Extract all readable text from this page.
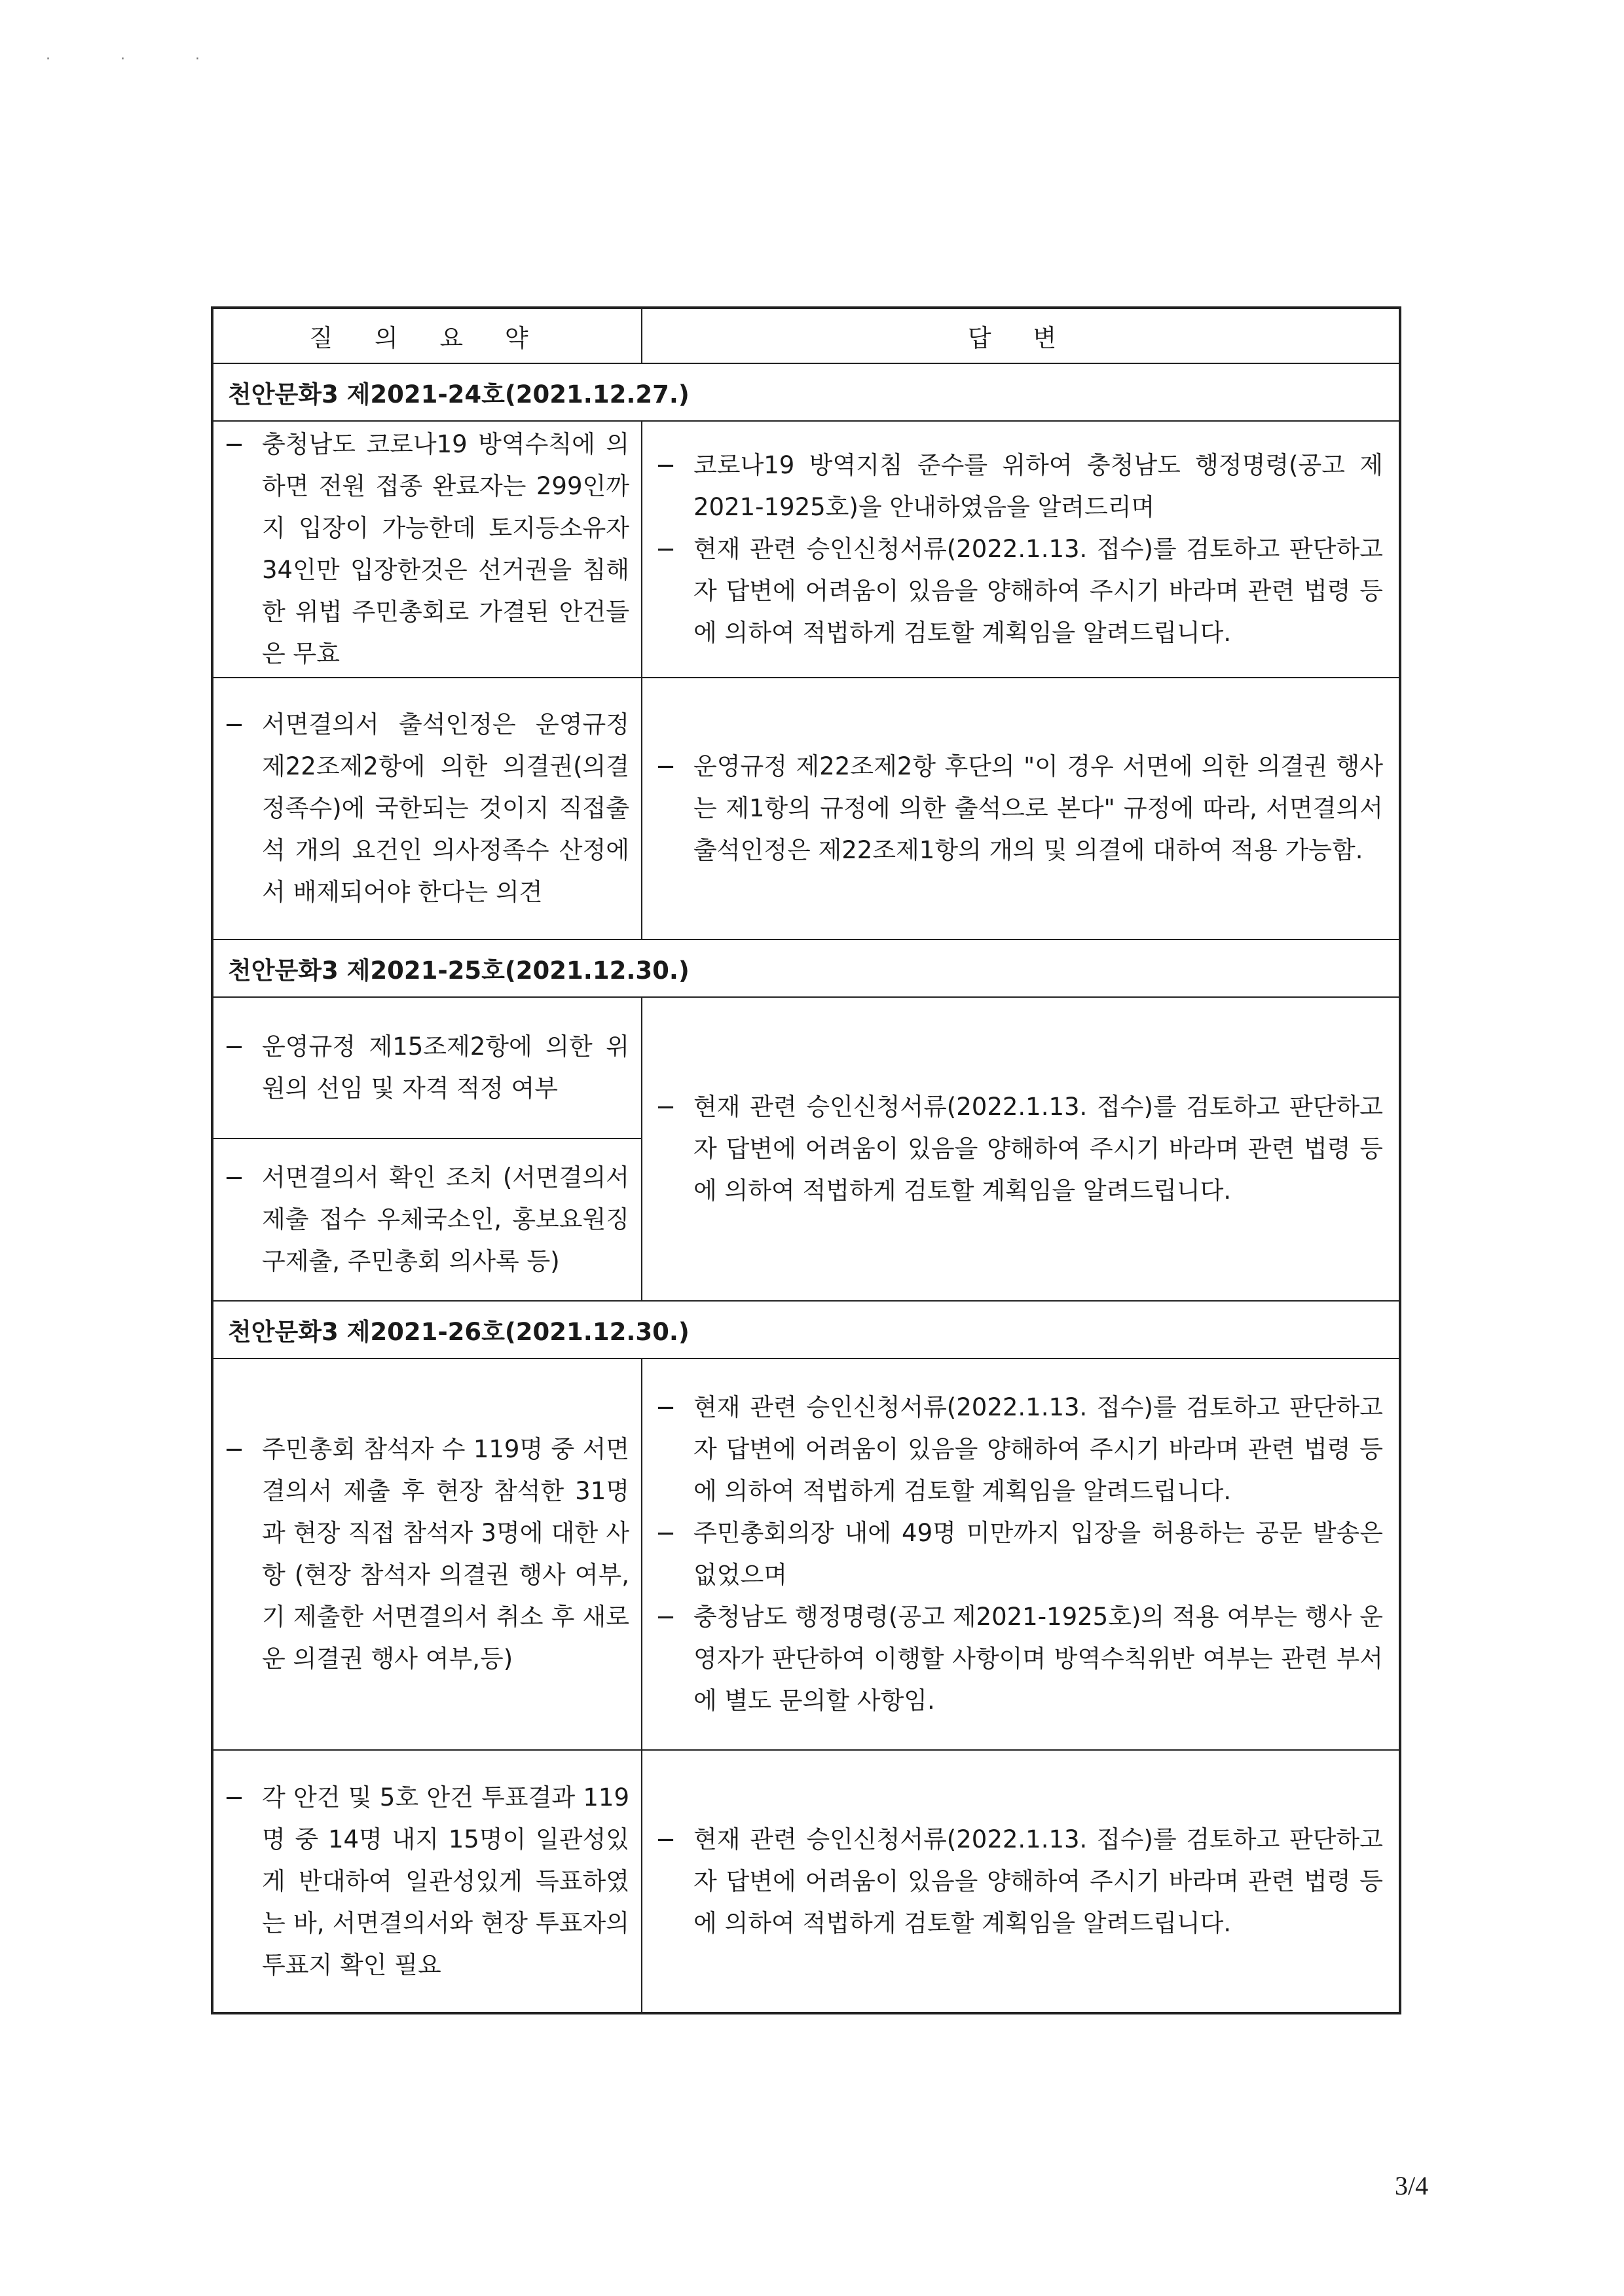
· · ·
질 의 요 약	답 변
천안문화3 제2021-24호(2021.12.27.)	

− 충청남도 코로나19 방역수칙에 의하면 전원 접종 완료자는 299인까지 입장이 가능한데 토지등소유자 34인만 입장한것은 선거권을 침해한 위법 주민총회로 가결된 안건들은 무효	− 코로나19 방역지침 준수를 위하여 충청남도 행정명령(공고 제2021-1925호)을 안내하였음을 알려드리며
− 현재 관련 승인신청서류(2022.1.13. 접수)를 검토하고 판단하고자 답변에 어려움이 있음을 양해하여 주시기 바라며 관련 법령 등에 의하여 적법하게 검토할 계획임을 알려드립니다.

− 서면결의서 출석인정은 운영규정 제22조제2항에 의한 의결권(의결정족수)에 국한되는 것이지 직접출석 개의 요건인 의사정족수 산정에서 배제되어야 한다는 의견	− 운영규정 제22조제2항 후단의 "이 경우 서면에 의한 의결권 행사는 제1항의 규정에 의한 출석으로 본다" 규정에 따라, 서면결의서 출석인정은 제22조제1항의 개의 및 의결에 대하여 적용 가능함.

천안문화3 제2021-25호(2021.12.30.)	

− 운영규정 제15조제2항에 의한 위원의 선임 및 자격 적정 여부	− 현재 관련 승인신청서류(2022.1.13. 접수)를 검토하고 판단하고자 답변에 어려움이 있음을 양해하여 주시기 바라며 관련 법령 등에 의하여 적법하게 검토할 계획임을 알려드립니다.

− 서면결의서 확인 조치 (서면결의서 제출 접수 우체국소인, 홍보요원징구제출, 주민총회 의사록 등)	

천안문화3 제2021-26호(2021.12.30.)	

− 주민총회 참석자 수 119명 중 서면결의서 제출 후 현장 참석한 31명과 현장 직접 참석자 3명에 대한 사항 (현장 참석자 의결권 행사 여부, 기 제출한 서면결의서 취소 후 새로운 의결권 행사 여부,등)	− 현재 관련 승인신청서류(2022.1.13. 접수)를 검토하고 판단하고자 답변에 어려움이 있음을 양해하여 주시기 바라며 관련 법령 등에 의하여 적법하게 검토할 계획임을 알려드립니다.
− 주민총회의장 내에 49명 미만까지 입장을 허용하는 공문 발송은 없었으며
− 충청남도 행정명령(공고 제2021-1925호)의 적용 여부는 행사 운영자가 판단하여 이행할 사항이며 방역수칙위반 여부는 관련 부서에 별도 문의할 사항임.

− 각 안건 및 5호 안건 투표결과 119명 중 14명 내지 15명이 일관성있게 반대하여 일관성있게 득표하였는 바, 서면결의서와 현장 투표자의 투표지 확인 필요	− 현재 관련 승인신청서류(2022.1.13. 접수)를 검토하고 판단하고자 답변에 어려움이 있음을 양해하여 주시기 바라며 관련 법령 등에 의하여 적법하게 검토할 계획임을 알려드립니다.
3/4
